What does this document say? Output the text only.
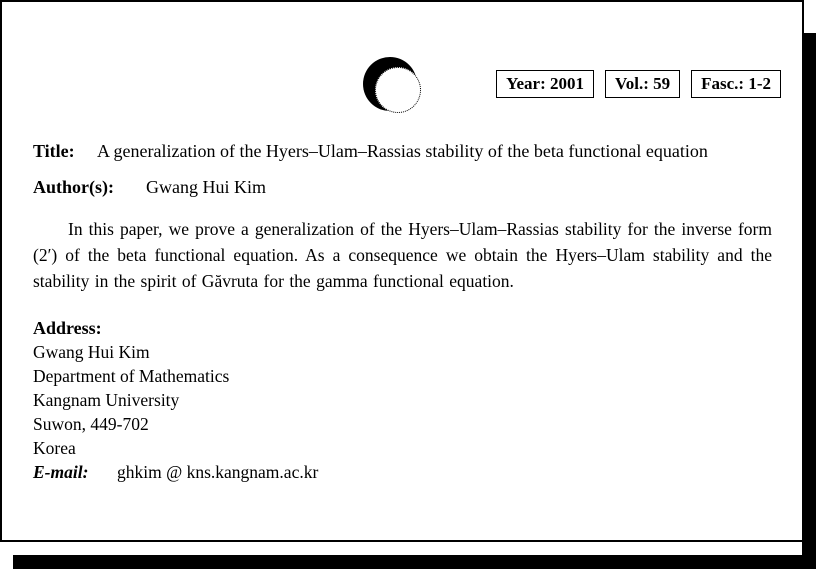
Year: 2001	Vol.: 59	Fasc.: 1-2
Title:	A generalization of the Hyers–Ulam–Rassias stability of the beta functional equation
Author(s):	Gwang Hui Kim

In this paper, we prove a generalization of the Hyers–Ulam–Rassias stability for the inverse form (2′) of the beta functional equation. As a consequence we obtain the Hyers–Ulam stability and the stability in the spirit of Găvruta for the gamma functional equation.

Address:
Gwang Hui Kim
Department of Mathematics
Kangnam University
Suwon, 449-702
Korea
E-mail:	ghkim @ kns.kangnam.ac.kr
